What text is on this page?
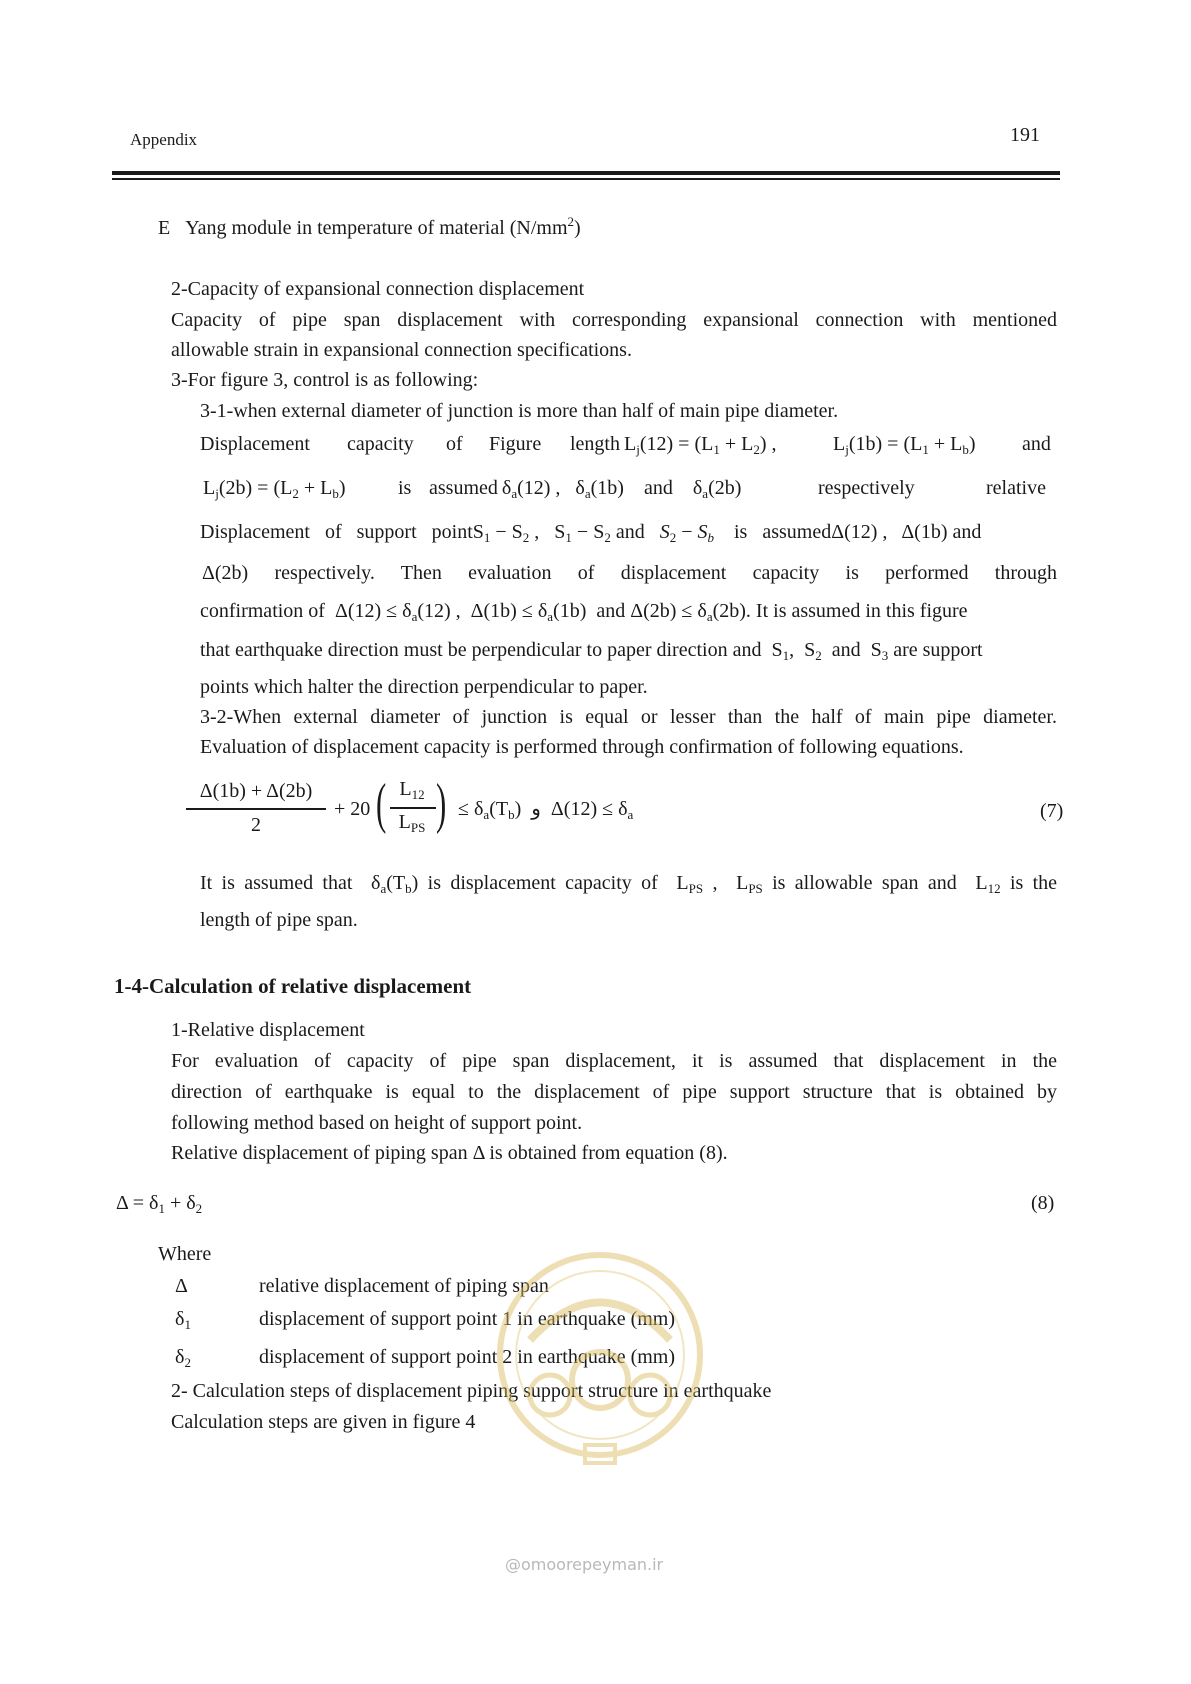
Appendix	191
E Yang module in temperature of material $(N/mm^2)$
2-Capacity of expansional connection displacement
Capacity of pipe span displacement with corresponding expansional connection with mentioned
allowable strain in expansional connection specifications.
3-For figure 3, control is as following:
3-1-when external diameter of junction is more than half of main pipe diameter.
Displacement capacity of Figure length $L_j(12) = (L_1 + L_2)$ ,	$L_j(1b) = (L_1 + L_b)$ and
$L_j(2b) = (L_2 + L_b)$	is assumed $\delta_a(12)$ ,   $\delta_a(1b)$    and    $\delta_a(2b)$	respectively	relative
Displacement of support pointS$_1$ − $S_2$ ,   $S_1 - S_2$ and $S_2 - S_b$ is assumedΔ(12) ,   Δ(1b) and
Δ(2b) respectively. Then evaluation of displacement capacity is performed through
confirmation of  $\Delta(12) \le \delta_a(12)$ ,  $\Delta(1b) \le \delta_a(1b)$  and $\Delta(2b) \le \delta_a(2b)$. It is assumed in this figure
that earthquake direction must be perpendicular to paper direction and  $S_1$,  $S_2$  and  $S_3$ are support
points which halter the direction perpendicular to paper.
3-2-When external diameter of junction is equal or lesser than the half of main pipe diameter.
Evaluation of displacement capacity is performed through confirmation of following equations.
Δ(1b) + Δ(2b)
2
+ 20 ( $L_{12}$
$L_{PS}$ ) ≤ $\delta_a(T_b)$ و $\Delta(12) \le \delta_a$	(7)
It is assumed that  $\delta_a(T_b)$ is displacement capacity of  $L_{PS}$ ,  $L_{PS}$ is allowable span and  $L_{12}$ is the
length of pipe span.
1-4-Calculation of relative displacement
1-Relative displacement
For evaluation of capacity of pipe span displacement, it is assumed that displacement in the
direction of earthquake is equal to the displacement of pipe support structure that is obtained by
following method based on height of support point.
Relative displacement of piping span Δ is obtained from equation (8).
$\Delta = \delta_1 + \delta_2$	(8)
Where
Δ	relative displacement of piping span
$\delta_1$	displacement of support point 1 in earthquake (mm)
$\delta_2$	displacement of support point 2 in earthquake (mm)
2- Calculation steps of displacement piping support structure in earthquake
Calculation steps are given in figure 4
@omoorepeyman.ir
